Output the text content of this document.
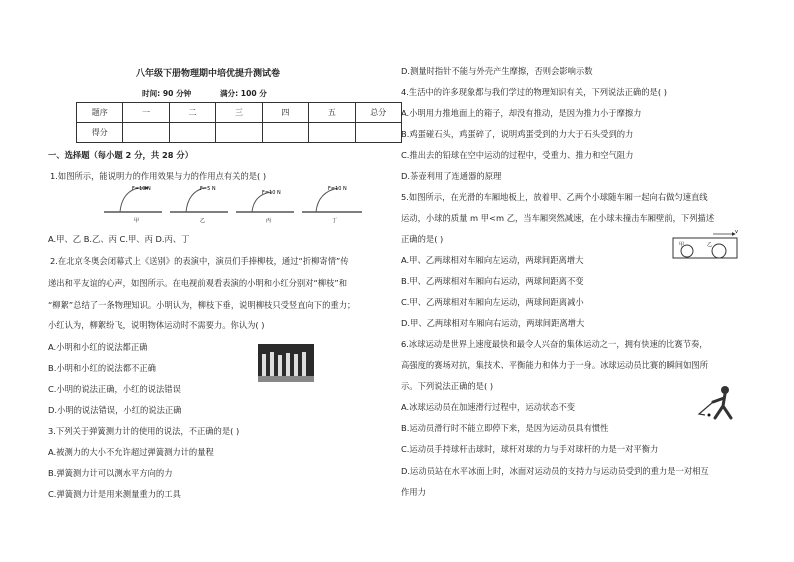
八年级下册物理期中培优提升测试卷
时间: 90 分钟	满分: 100 分
题序	一	二	三	四	五	总分
得分						
一、选择题（每小题 2 分，共 28 分）
1.如图所示，能说明力的作用效果与力的作用点有关的是( )
F=10 N	F=5 N
F=10 N
F=10 N
甲	乙	丙	丁
A.甲、乙 B.乙、丙 C.甲、丙 D.丙、丁
2.在北京冬奥会闭幕式上《送别》的表演中，演员们手捧柳枝，通过“折柳寄情”传
递出和平友谊的心声，如图所示。在电视前观看表演的小明和小红分别对“柳枝”和
“柳絮”总结了一条物理知识。小明认为，柳枝下垂，说明柳枝只受竖直向下的重力；
小红认为，柳絮纷飞，说明物体运动时不需要力。你认为( )
A.小明和小红的说法都正确
B.小明和小红的说法都不正确
C.小明的说法正确，小红的说法错误
D.小明的说法错误，小红的说法正确
3.下列关于弹簧测力计的使用的说法，不正确的是( )
A.被测力的大小不允许超过弹簧测力计的量程
B.弹簧测力计可以测水平方向的力
C.弹簧测力计是用来测量重力的工具
D.测量时指针不能与外壳产生摩擦，否则会影响示数
4.生活中的许多现象都与我们学过的物理知识有关，下列说法正确的是( )
A.小明用力推地面上的箱子，却没有推动，是因为推力小于摩擦力
B.鸡蛋碰石头，鸡蛋碎了，说明鸡蛋受到的力大于石头受到的力
C.推出去的铅球在空中运动的过程中，受重力、推力和空气阻力
D.茶壶利用了连通器的原理
5.如图所示，在光滑的车厢地板上，放着甲、乙两个小球随车厢一起向右做匀速直线
运动，小球的质量 m 甲<m 乙，当车厢突然减速，在小球未撞击车厢壁前，下列描述
正确的是( )
v
甲	乙
A.甲、乙两球相对车厢向左运动，两球间距离增大
B.甲、乙两球相对车厢向右运动，两球间距离不变
C.甲、乙两球相对车厢向左运动，两球间距离减小
D.甲、乙两球相对车厢向右运动，两球间距离增大
6.冰球运动是世界上速度最快和最令人兴奋的集体运动之一，拥有快速的比赛节奏，
高强度的赛场对抗，集技术、平衡能力和体力于一身。冰球运动员比赛的瞬间如图所
示。下列说法正确的是( )
A.冰球运动员在加速滑行过程中，运动状态不变
B.运动员滑行时不能立即停下来，是因为运动员具有惯性
C.运动员手持球杆击球时，球杆对球的力与手对球杆的力是一对平衡力
D.运动员站在水平冰面上时，冰面对运动员的支持力与运动员受到的重力是一对相互
作用力
